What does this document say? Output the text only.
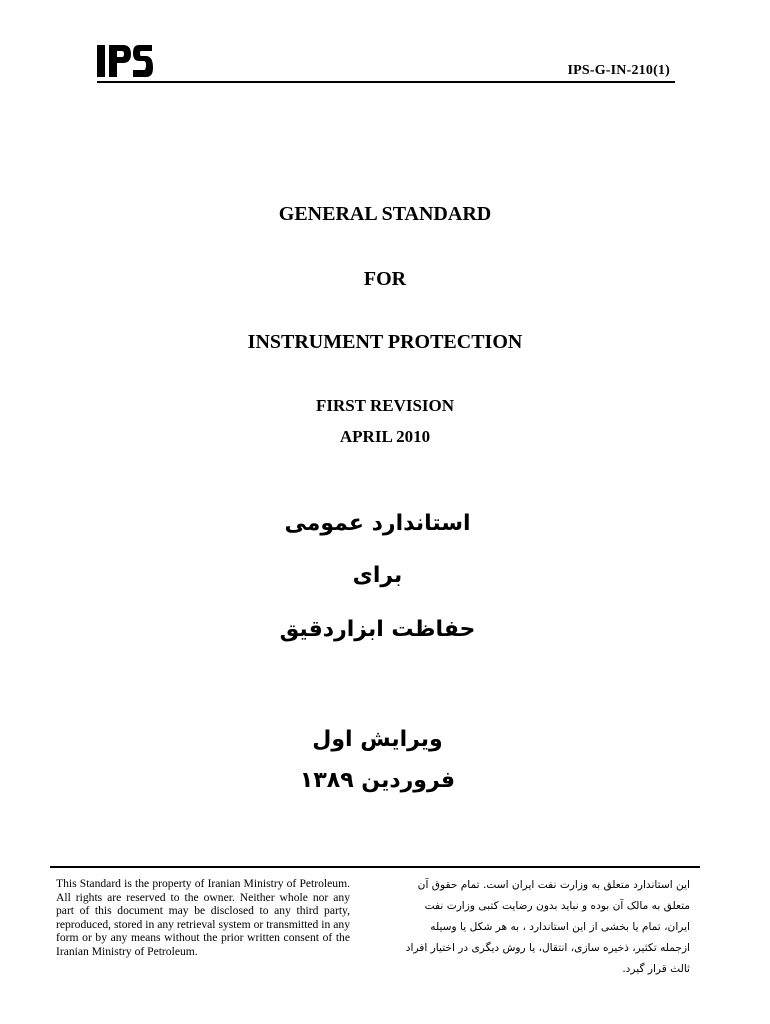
IPS-G-IN-210(1)
GENERAL STANDARD
FOR
INSTRUMENT PROTECTION
FIRST REVISION
APRIL 2010
استاندارد عمومی
برای
حفاظت ابزاردقیق
ویرایش اول
فروردین ۱۳۸۹
This Standard is the property of Iranian Ministry of Petroleum. All rights are reserved to the owner. Neither whole nor any part of this document may be disclosed to any third party, reproduced, stored in any retrieval system or transmitted in any form or by any means without the prior written consent of the Iranian Ministry of Petroleum.
این استاندارد متعلق به وزارت نفت ایران است. تمام حقوق آن متعلق به مالک آن بوده و نباید بدون رضایت کتبی وزارت نفت ایران، تمام یا بخشی از این استاندارد ، به هر شکل یا وسیله ازجمله تکثیر، ذخیره سازی، انتقال، یا روش دیگری در اختیار افراد ثالث قرار گیرد.
